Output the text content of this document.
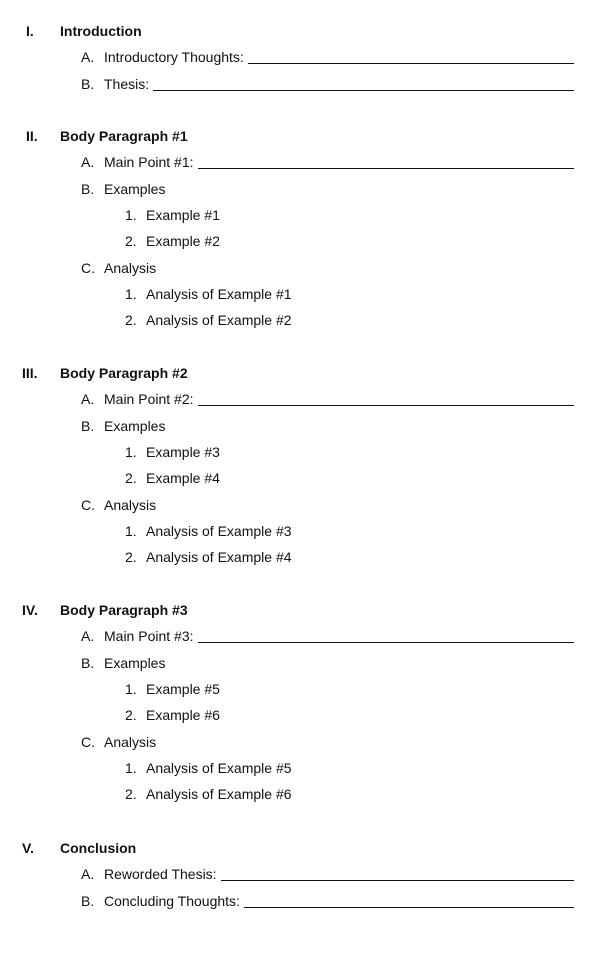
I. Introduction
A. Introductory Thoughts:
B. Thesis:
II. Body Paragraph #1
A. Main Point #1:
B. Examples
1. Example #1
2. Example #2
C. Analysis
1. Analysis of Example #1
2. Analysis of Example #2
III. Body Paragraph #2
A. Main Point #2:
B. Examples
1. Example #3
2. Example #4
C. Analysis
1. Analysis of Example #3
2. Analysis of Example #4
IV. Body Paragraph #3
A. Main Point #3:
B. Examples
1. Example #5
2. Example #6
C. Analysis
1. Analysis of Example #5
2. Analysis of Example #6
V. Conclusion
A. Reworded Thesis:
B. Concluding Thoughts:
